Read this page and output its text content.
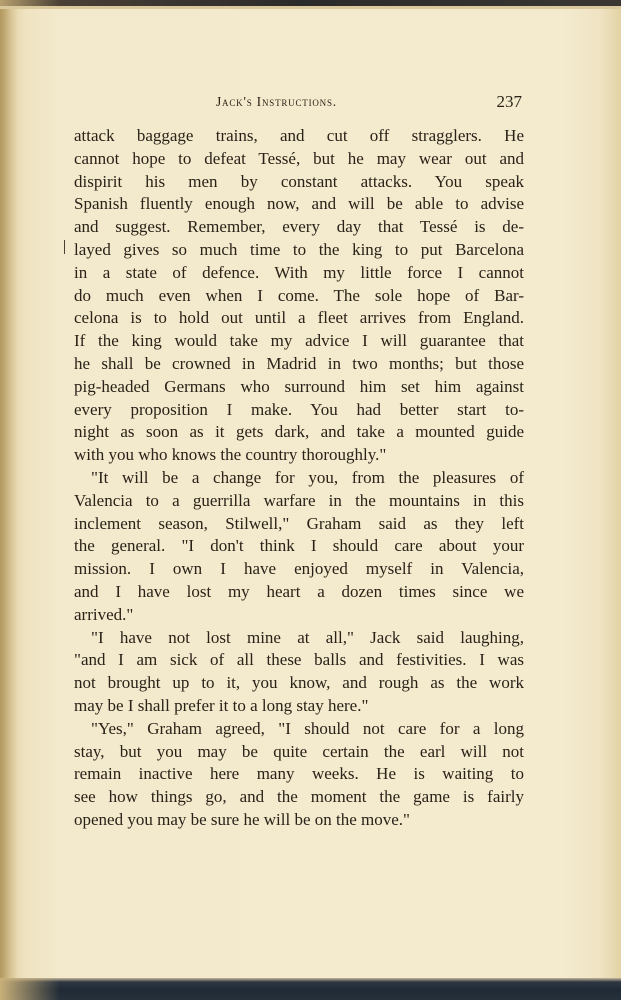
Jack's Instructions.	237
attack baggage trains, and cut off stragglers. He
cannot hope to defeat Tessé, but he may wear out and
dispirit his men by constant attacks. You speak
Spanish fluently enough now, and will be able to advise
and suggest. Remember, every day that Tessé is de-
layed gives so much time to the king to put Barcelona
in a state of defence. With my little force I cannot
do much even when I come. The sole hope of Bar-
celona is to hold out until a fleet arrives from England.
If the king would take my advice I will guarantee that
he shall be crowned in Madrid in two months; but those
pig-headed Germans who surround him set him against
every proposition I make. You had better start to-
night as soon as it gets dark, and take a mounted guide
with you who knows the country thoroughly."
"It will be a change for you, from the pleasures of
Valencia to a guerrilla warfare in the mountains in this
inclement season, Stilwell," Graham said as they left
the general. "I don't think I should care about your
mission. I own I have enjoyed myself in Valencia,
and I have lost my heart a dozen times since we
arrived."
"I have not lost mine at all," Jack said laughing,
"and I am sick of all these balls and festivities. I was
not brought up to it, you know, and rough as the work
may be I shall prefer it to a long stay here."
"Yes," Graham agreed, "I should not care for a long
stay, but you may be quite certain the earl will not
remain inactive here many weeks. He is waiting to
see how things go, and the moment the game is fairly
opened you may be sure he will be on the move."
